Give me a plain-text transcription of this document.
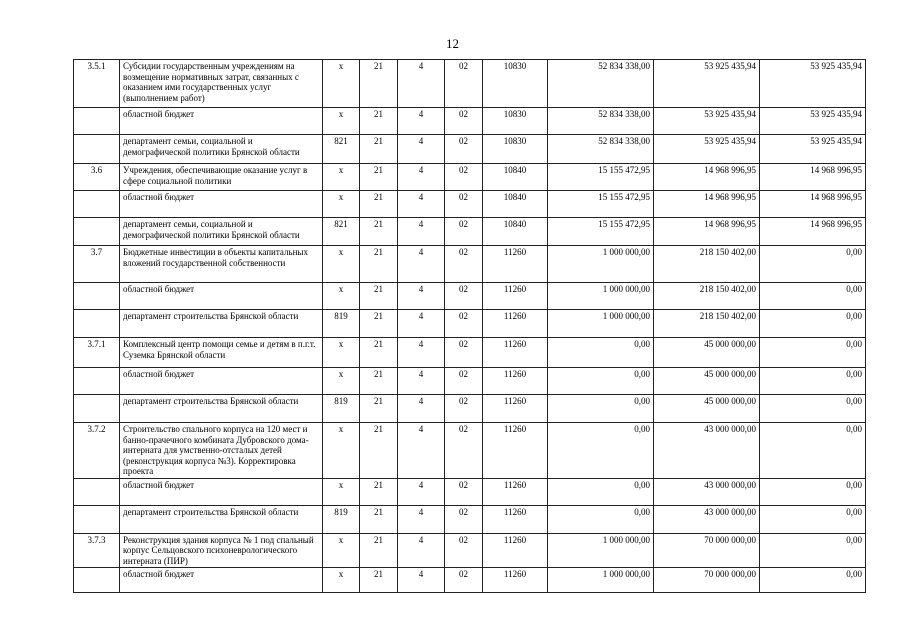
12
3.5.1	Субсидии государственным учреждениям на возмещение нормативных затрат, связанных с оказанием ими государственных услуг (выполнением работ)	х	21	4	02	10830	52 834 338,00	53 925 435,94	53 925 435,94
	областной бюджет	х	21	4	02	10830	52 834 338,00	53 925 435,94	53 925 435,94
	департамент семьи, социальной и демографической политики Брянской области	821	21	4	02	10830	52 834 338,00	53 925 435,94	53 925 435,94
3.6	Учреждения, обеспечивающие оказание услуг в сфере социальной политики	х	21	4	02	10840	15 155 472,95	14 968 996,95	14 968 996,95
	областной бюджет	х	21	4	02	10840	15 155 472,95	14 968 996,95	14 968 996,95
	департамент семьи, социальной и демографической политики Брянской области	821	21	4	02	10840	15 155 472,95	14 968 996,95	14 968 996,95
3.7	Бюджетные инвестиции в объекты капитальных вложений государственной собственности	х	21	4	02	11260	1 000 000,00	218 150 402,00	0,00
	областной бюджет	х	21	4	02	11260	1 000 000,00	218 150 402,00	0,00
	департамент строительства Брянской области	819	21	4	02	11260	1 000 000,00	218 150 402,00	0,00
3.7.1	Комплексный центр помощи семье и детям в п.г.т. Суземка Брянской области	х	21	4	02	11260	0,00	45 000 000,00	0,00
	областной бюджет	х	21	4	02	11260	0,00	45 000 000,00	0,00
	департамент строительства Брянской области	819	21	4	02	11260	0,00	45 000 000,00	0,00
3.7.2	Строительство спального корпуса на 120 мест и банно-прачечного комбината Дубровского дома-интерната для умственно-отсталых детей (реконструкция корпуса №3). Корректировка проекта	х	21	4	02	11260	0,00	43 000 000,00	0,00
	областной бюджет	х	21	4	02	11260	0,00	43 000 000,00	0,00
	департамент строительства Брянской области	819	21	4	02	11260	0,00	43 000 000,00	0,00
3.7.3	Реконструкция здания корпуса № 1 под спальный корпус Сельцовского психоневрологического интерната (ПИР)	х	21	4	02	11260	1 000 000,00	70 000 000,00	0,00
	областной бюджет	х	21	4	02	11260	1 000 000,00	70 000 000,00	0,00
